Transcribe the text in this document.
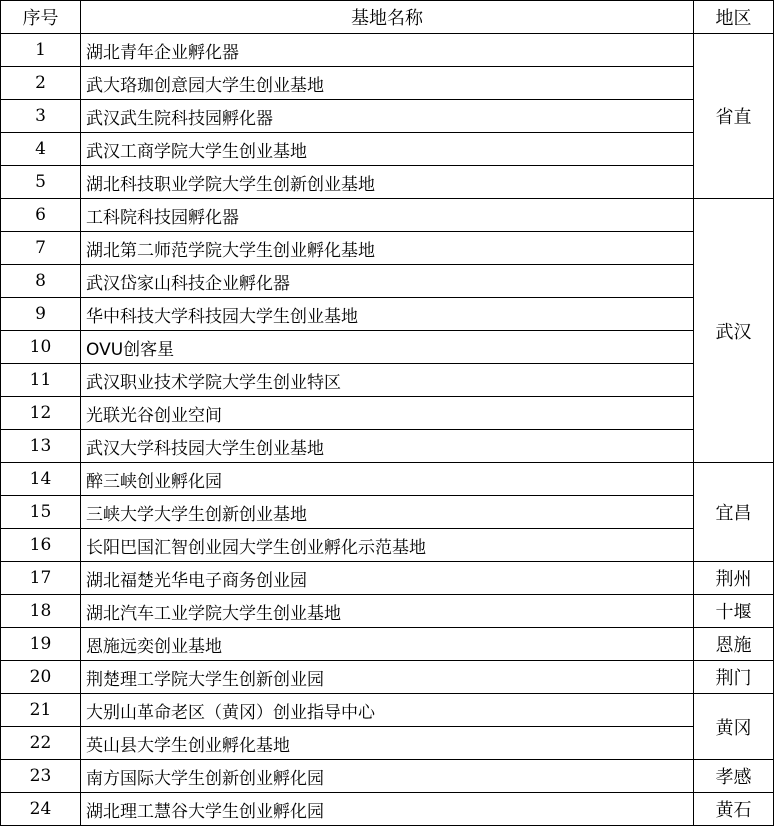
序号	基地名称	地区
1	湖北青年企业孵化器	省直
2	武大珞珈创意园大学生创业基地	
3	武汉武生院科技园孵化器	
4	武汉工商学院大学生创业基地	
5	湖北科技职业学院大学生创新创业基地	
6	工科院科技园孵化器	武汉
7	湖北第二师范学院大学生创业孵化基地	
8	武汉岱家山科技企业孵化器	
9	华中科技大学科技园大学生创业基地	
10	OVU创客星	
11	武汉职业技术学院大学生创业特区	
12	光联光谷创业空间	
13	武汉大学科技园大学生创业基地	
14	醉三峡创业孵化园	宜昌
15	三峡大学大学生创新创业基地	
16	长阳巴国汇智创业园大学生创业孵化示范基地	
17	湖北福楚光华电子商务创业园	荆州
18	湖北汽车工业学院大学生创业基地	十堰
19	恩施远奕创业基地	恩施
20	荆楚理工学院大学生创新创业园	荆门
21	大别山革命老区（黄冈）创业指导中心	黄冈
22	英山县大学生创业孵化基地	
23	南方国际大学生创新创业孵化园	孝感
24	湖北理工慧谷大学生创业孵化园	黄石
